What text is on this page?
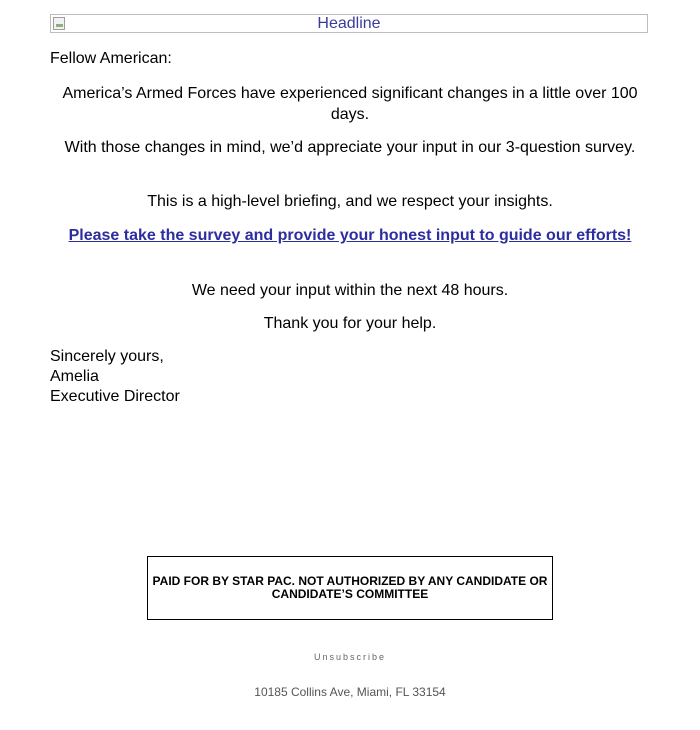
Headline
Fellow American:

America’s Armed Forces have experienced significant changes in a little over 100 days.

With those changes in mind, we’d appreciate your input in our 3-question survey.

This is a high-level briefing, and we respect your insights.

Please take the survey and provide your honest input to guide our efforts!

We need your input within the next 48 hours.

Thank you for your help.

Sincerely yours,
Amelia
Executive Director
PAID FOR BY STAR PAC. NOT AUTHORIZED BY ANY CANDIDATE OR CANDIDATE’S COMMITTEE
Unsubscribe
10185 Collins Ave, Miami, FL 33154
